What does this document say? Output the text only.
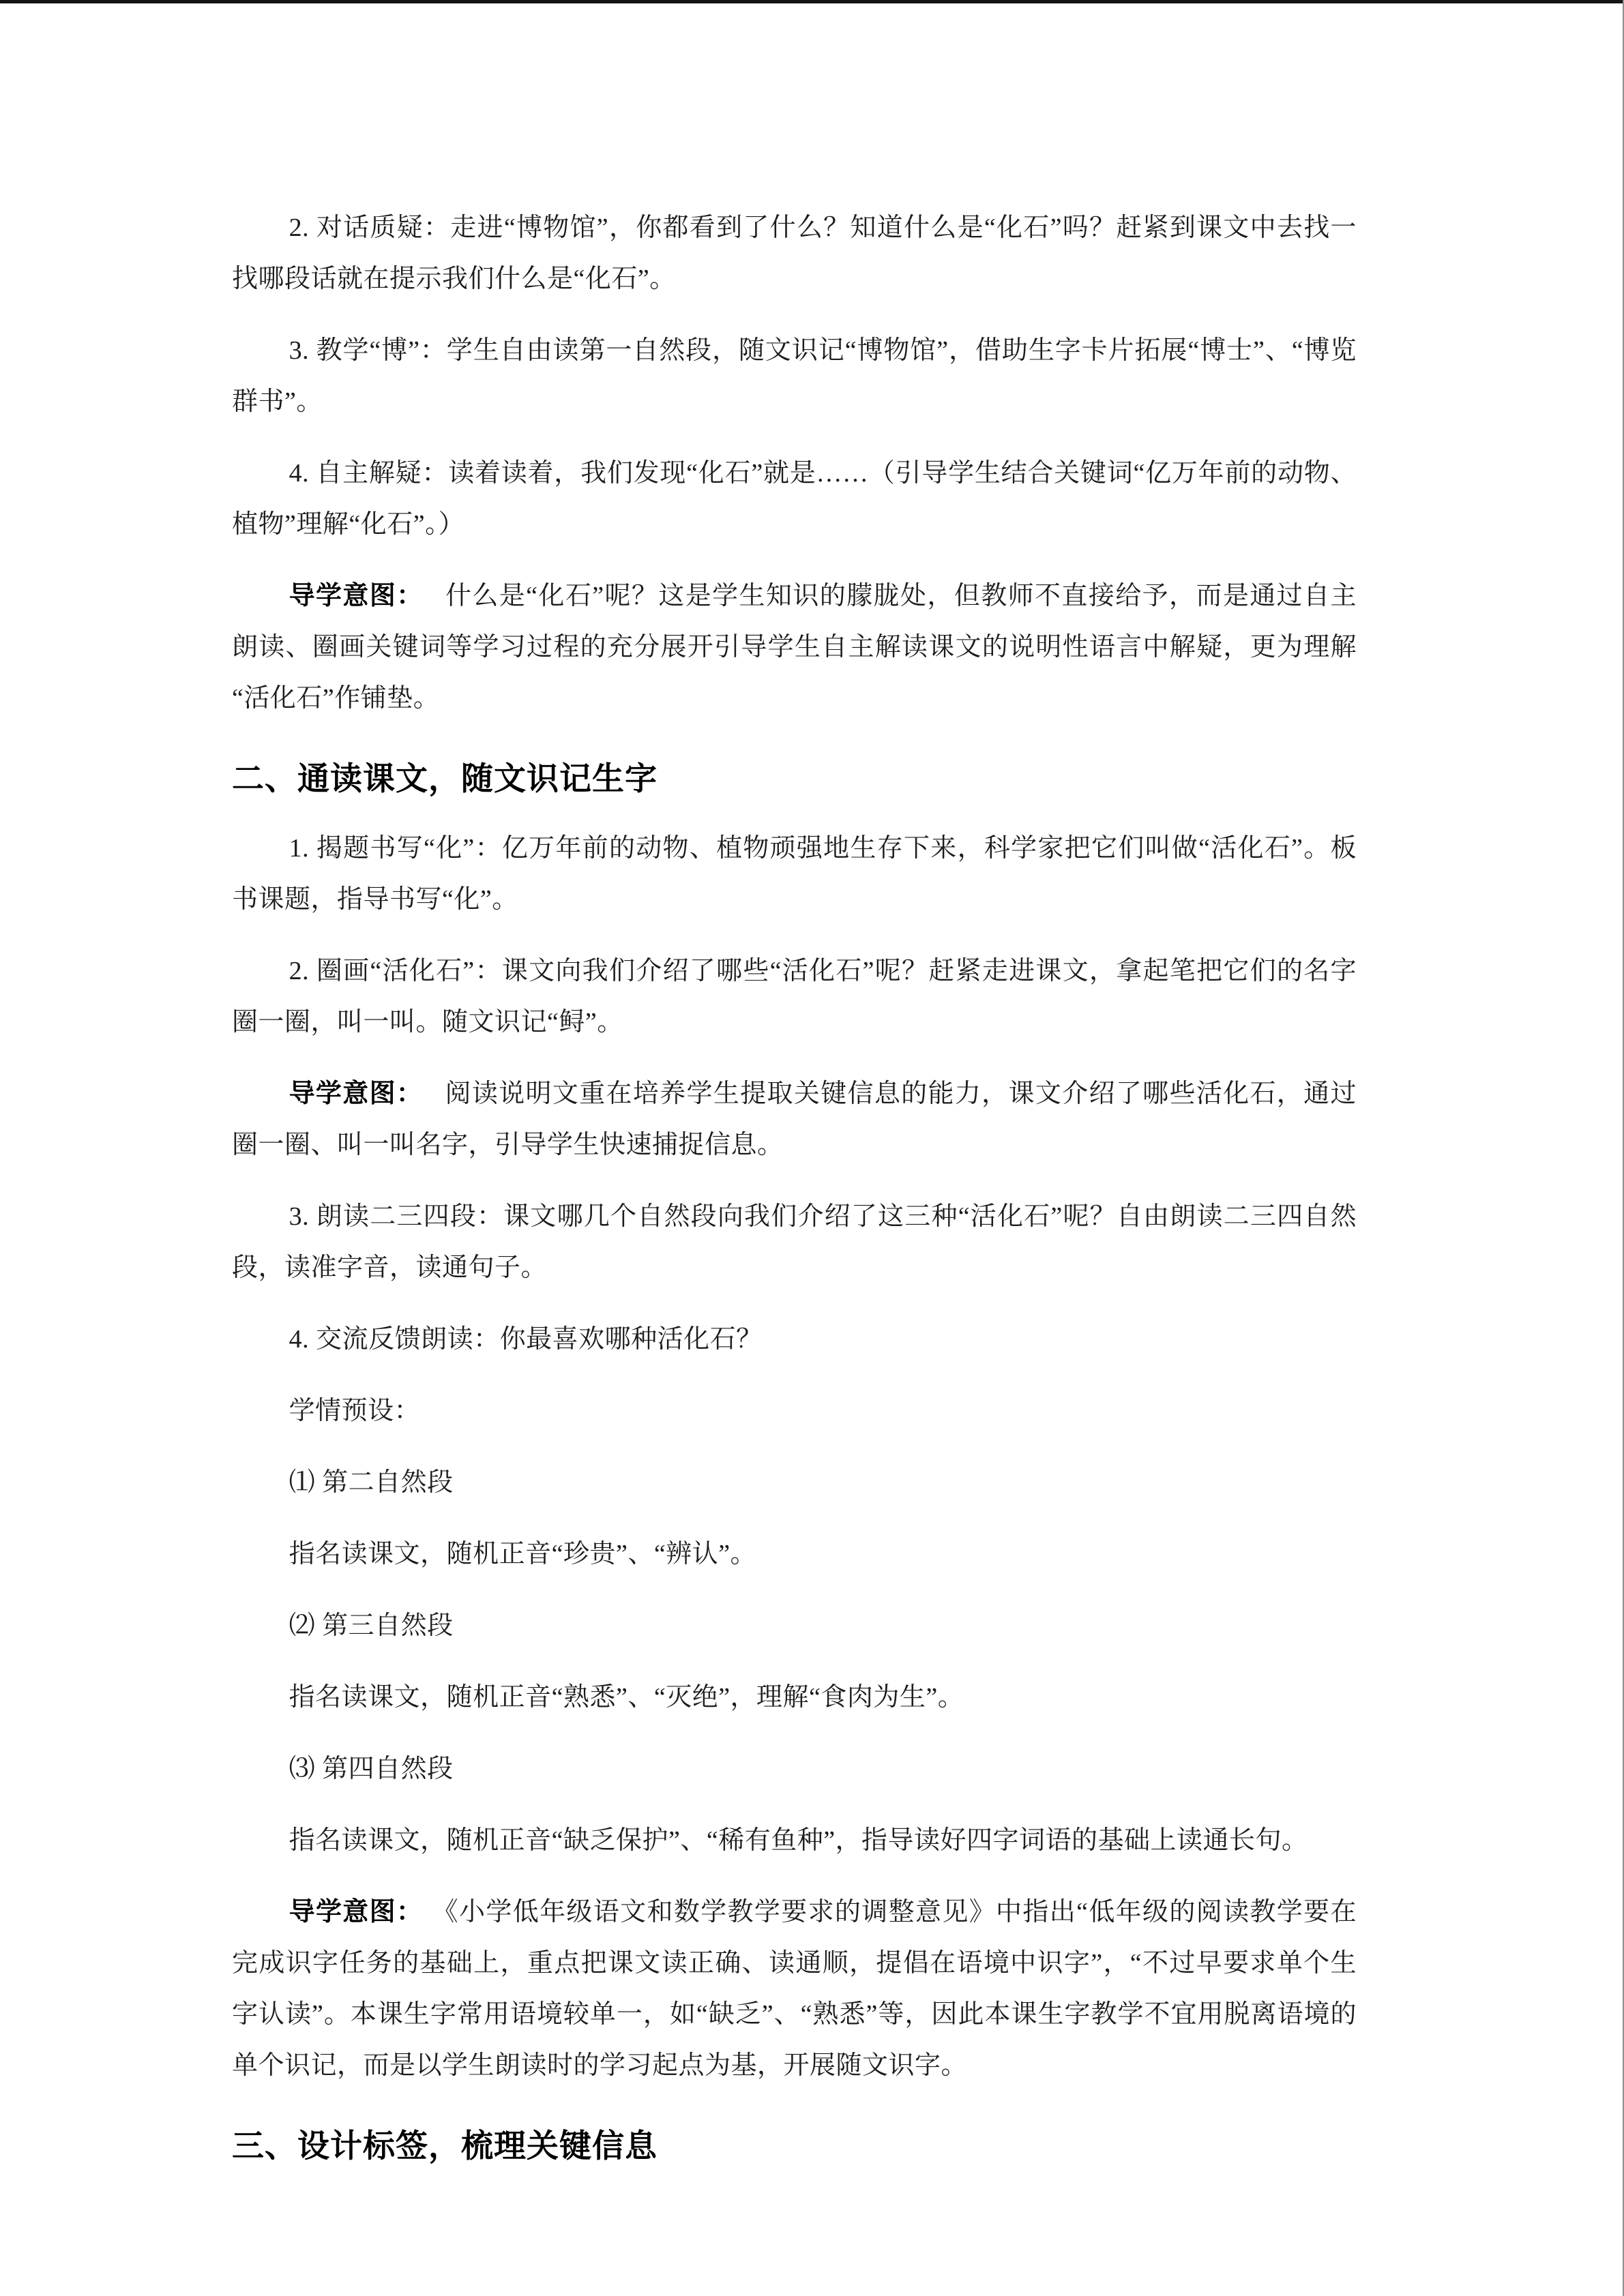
2. 对话质疑：走进“博物馆”，你都看到了什么？知道什么是“化石”吗？赶紧到课文中去找一找哪段话就在提示我们什么是“化石”。

3. 教学“博”：学生自由读第一自然段，随文识记“博物馆”，借助生字卡片拓展“博士”、“博览群书”。

4. 自主解疑：读着读着，我们发现“化石”就是……（引导学生结合关键词“亿万年前的动物、植物”理解“化石”。）

导学意图： 什么是“化石”呢？这是学生知识的朦胧处，但教师不直接给予，而是通过自主朗读、圈画关键词等学习过程的充分展开引导学生自主解读课文的说明性语言中解疑，更为理解“活化石”作铺垫。

二、通读课文，随文识记生字

1. 揭题书写“化”：亿万年前的动物、植物顽强地生存下来，科学家把它们叫做“活化石”。板书课题，指导书写“化”。

2. 圈画“活化石”：课文向我们介绍了哪些“活化石”呢？赶紧走进课文，拿起笔把它们的名字圈一圈，叫一叫。随文识记“鲟”。

导学意图： 阅读说明文重在培养学生提取关键信息的能力，课文介绍了哪些活化石，通过圈一圈、叫一叫名字，引导学生快速捕捉信息。

3. 朗读二三四段：课文哪几个自然段向我们介绍了这三种“活化石”呢？自由朗读二三四自然段，读准字音，读通句子。

4. 交流反馈朗读：你最喜欢哪种活化石？

学情预设：

⑴ 第二自然段

指名读课文，随机正音“珍贵”、“辨认”。

⑵ 第三自然段

指名读课文，随机正音“熟悉”、“灭绝”，理解“食肉为生”。

⑶ 第四自然段

指名读课文，随机正音“缺乏保护”、“稀有鱼种”，指导读好四字词语的基础上读通长句。

导学意图： 《小学低年级语文和数学教学要求的调整意见》中指出“低年级的阅读教学要在完成识字任务的基础上，重点把课文读正确、读通顺，提倡在语境中识字”，“不过早要求单个生字认读”。本课生字常用语境较单一，如“缺乏”、“熟悉”等，因此本课生字教学不宜用脱离语境的单个识记，而是以学生朗读时的学习起点为基，开展随文识字。

三、设计标签，梳理关键信息
